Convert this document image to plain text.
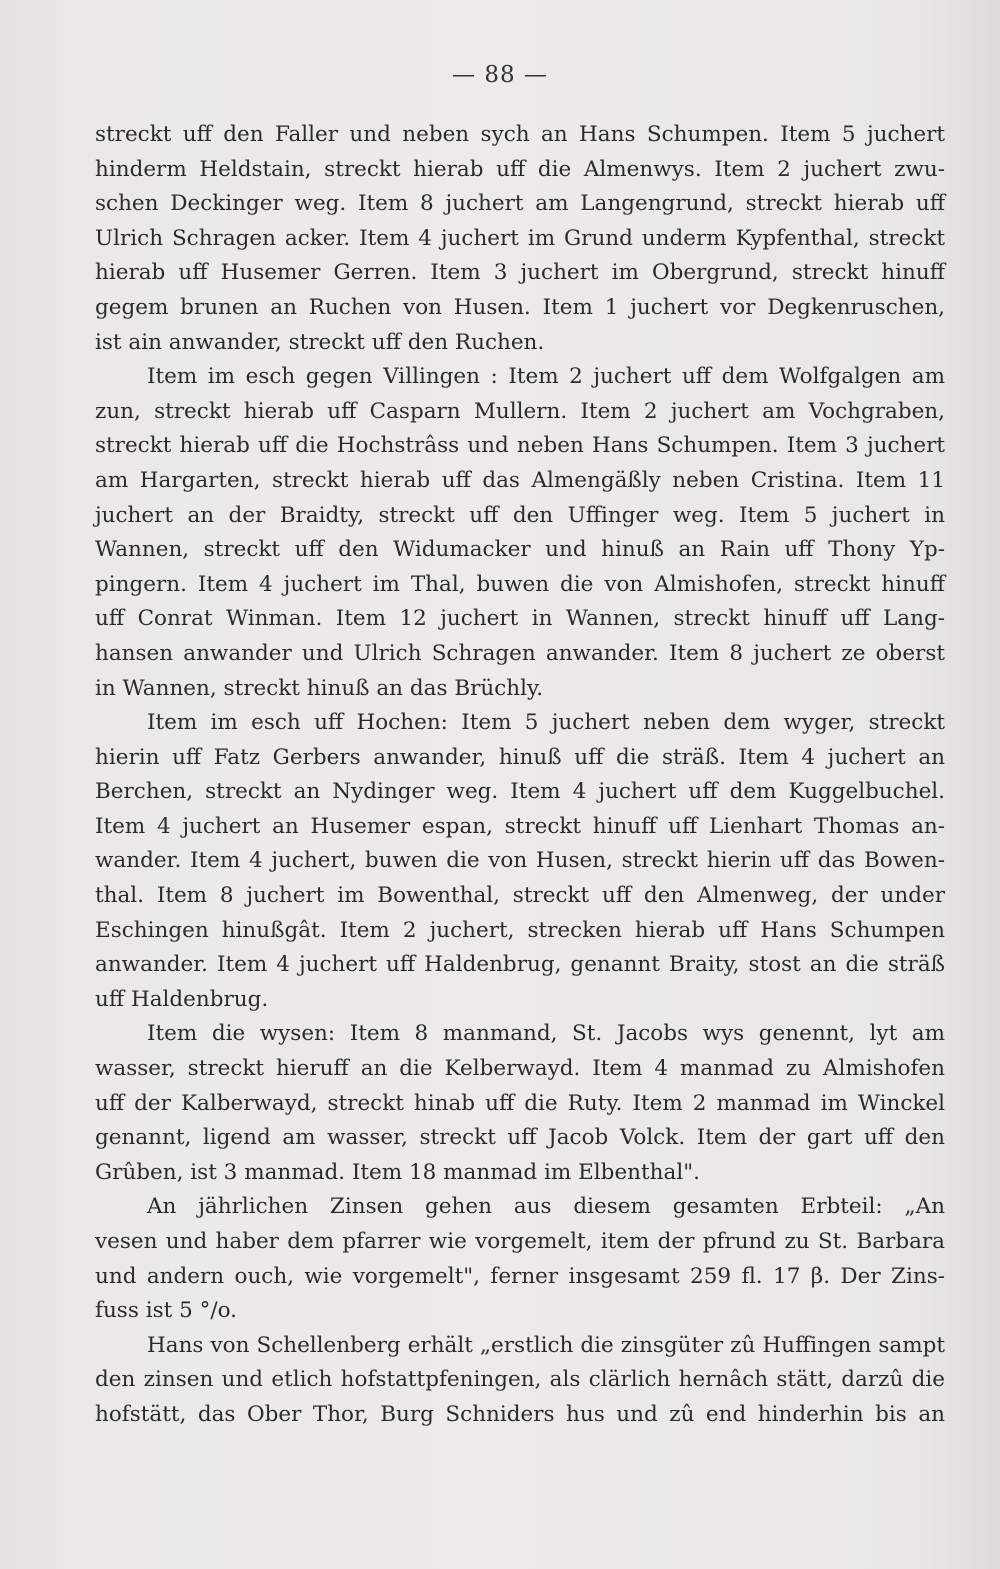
— 88 —
streckt uff den Faller und neben sych an Hans Schumpen. Item 5 juchert
hinderm Heldstain, streckt hierab uff die Almenwys. Item 2 juchert zwu-
schen Deckinger weg. Item 8 juchert am Langengrund, streckt hierab uff
Ulrich Schragen acker. Item 4 juchert im Grund underm Kypfenthal, streckt
hierab uff Husemer Gerren. Item 3 juchert im Obergrund, streckt hinuff
gegem brunen an Ruchen von Husen. Item 1 juchert vor Degkenruschen,
ist ain anwander, streckt uff den Ruchen.
Item im esch gegen Villingen : Item 2 juchert uff dem Wolfgalgen am
zun, streckt hierab uff Casparn Mullern. Item 2 juchert am Vochgraben,
streckt hierab uff die Hochstrâss und neben Hans Schumpen. Item 3 juchert
am Hargarten, streckt hierab uff das Almengäßly neben Cristina. Item 11
juchert an der Braidty, streckt uff den Uffinger weg. Item 5 juchert in
Wannen, streckt uff den Widumacker und hinuß an Rain uff Thony Yp-
pingern. Item 4 juchert im Thal, buwen die von Almishofen, streckt hinuff
uff Conrat Winman. Item 12 juchert in Wannen, streckt hinuff uff Lang-
hansen anwander und Ulrich Schragen anwander. Item 8 juchert ze oberst
in Wannen, streckt hinuß an das Brüchly.
Item im esch uff Hochen: Item 5 juchert neben dem wyger, streckt
hierin uff Fatz Gerbers anwander, hinuß uff die sträß. Item 4 juchert an
Berchen, streckt an Nydinger weg. Item 4 juchert uff dem Kuggelbuchel.
Item 4 juchert an Husemer espan, streckt hinuff uff Lienhart Thomas an-
wander. Item 4 juchert, buwen die von Husen, streckt hierin uff das Bowen-
thal. Item 8 juchert im Bowenthal, streckt uff den Almenweg, der under
Eschingen hinußgât. Item 2 juchert, strecken hierab uff Hans Schumpen
anwander. Item 4 juchert uff Haldenbrug, genannt Braity, stost an die sträß
uff Haldenbrug.
Item die wysen: Item 8 manmand, St. Jacobs wys genennt, lyt am
wasser, streckt hieruff an die Kelberwayd. Item 4 manmad zu Almishofen
uff der Kalberwayd, streckt hinab uff die Ruty. Item 2 manmad im Winckel
genannt, ligend am wasser, streckt uff Jacob Volck. Item der gart uff den
Grûben, ist 3 manmad. Item 18 manmad im Elbenthal".
An jährlichen Zinsen gehen aus diesem gesamten Erbteil: „An
vesen und haber dem pfarrer wie vorgemelt, item der pfrund zu St. Barbara
und andern ouch, wie vorgemelt", ferner insgesamt 259 fl. 17 β. Der Zins-
fuss ist 5 °/o.
Hans von Schellenberg erhält „erstlich die zinsgüter zû Huffingen sampt
den zinsen und etlich hofstattpfeningen, als clärlich hernâch stätt, darzû die
hofstätt, das Ober Thor, Burg Schniders hus und zû end hinderhin bis an
